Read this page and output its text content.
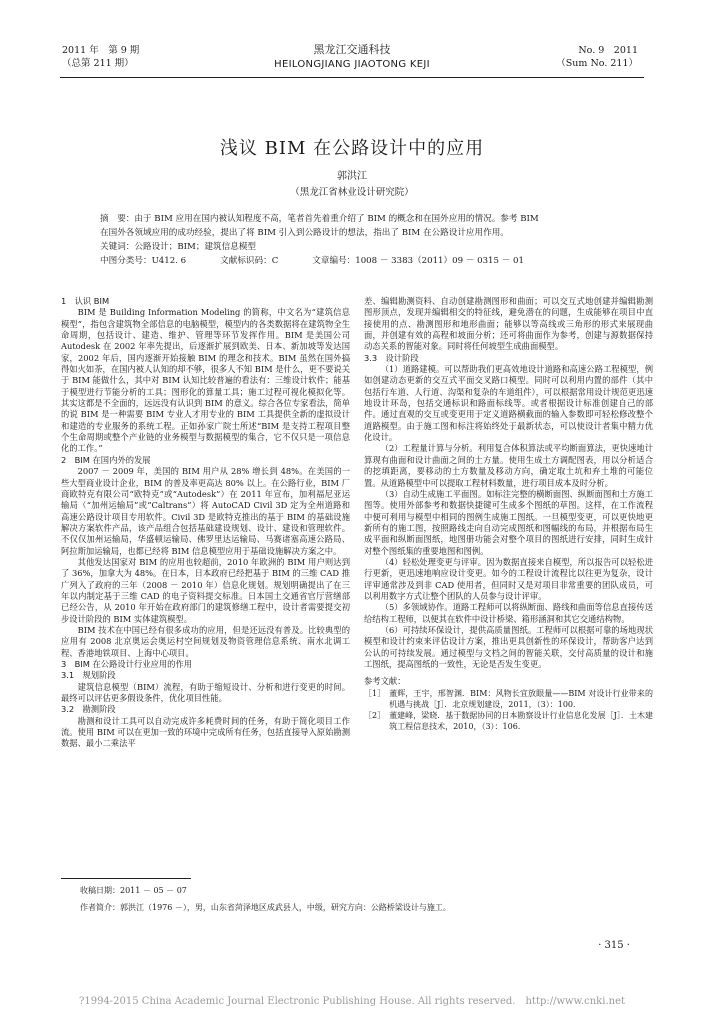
2011 年　第 9 期
（总第 211 期）
黑龙江交通科技
HEILONGJIANG JIAOTONG KEJI
No. 9　2011
（Sum No. 211）
浅议 BIM 在公路设计中的应用
郭洪江
（黑龙江省林业设计研究院）
摘　要：由于 BIM 应用在国内被认知程度不高，笔者首先着重介绍了 BIM 的概念和在国外应用的情况。参考 BIM
在国外各领域应用的成功经验，提出了将 BIM 引入到公路设计的想法，指出了 BIM 在公路设计应用作用。
关键词：公路设计；BIM；建筑信息模型
中图分类号：U412. 6	文献标识码：C	文章编号：1008 － 3383（2011）09 － 0315 － 01

1　认识 BIM

BIM 是 Building Information Modeling 的简称，中文名为“建筑信息模型”，指包含建筑物全部信息的电脑模型，模型内的各类数据将在建筑物全生命周期，包括设计、建造、维护、管理等环节发挥作用。BIM 是美国公司 Autodesk 在 2002 年率先提出，后逐渐扩展到欧美、日本、新加坡等发达国家，2002 年后，国内逐渐开始接触 BIM 的理念和技术。BIM 虽然在国外搞得如火如荼，在国内被人认知的却不够，很多人不知 BIM 是什么，更不要说关于 BIM 能做什么，其中对 BIM 认知比较普遍的看法有：三维设计软件；能基于模型进行节能分析的工具；图形化的算量工具；施工过程可视化模拟化等。其实这都是不全面的，远远没有认识到 BIM 的意义。综合各位专家看法，简单的说 BIM 是一种需要 BIM 专业人才用专业的 BIM 工具提供全新的虚拟设计和建造的专业服务的系统工程。正如孙家广院士所述“BIM 是支持工程项目整个生命周期或整个产业链的业务模型与数据模型的集合，它不仅只是一项信息化的工作。”

2　BIM 在国内外的发展

2007 － 2009 年，美国的 BIM 用户从 28% 增长到 48%。在美国的一些大型商业设计企业，BIM 的普及率更高达 80% 以上。在公路行业，BIM 厂商欧特克有限公司“欧特克”或“Autodesk”）在 2011 年宣布，加利福尼亚运输局（“加州运输局”或“Caltrans”）将 AutoCAD Civil 3D 定为全州道路和高速公路设计项目专用软件。Civil 3D 是欧特克推出的基于 BIM 的基础设施解决方案软件产品，该产品组合包括基础建设规划、设计、建设和管理软件。不仅仅加州运输局，华盛顿运输局、佛罗里达运输局、马赛诸塞高速公路局、阿拉斯加运输局，也都已经将 BIM 信息模型应用于基础设施解决方案之中。

其他发达国家对 BIM 的应用也较超前，2010 年欧洲的 BIM 用户则达到了 36%，加拿大为 48%。在日本，日本政府已经把基于 BIM 的三维 CAD 推广列入了政府的三年（2008 － 2010 年）信息化规划。规划明确提出了在三年以内制定基于三维 CAD 的电子资料提交标准。日本国土交通省官厅营缮部已经公告，从 2010 年开始在政府部门的建筑修缮工程中，设计者需要提交初步设计阶段的 BIM 实体建筑模型。

BIM 技术在中国已经有很多成功的应用，但是还远没有普及。比较典型的应用有 2008 北京奥运会奥运村空间规划及物资管理信息系统、南水北调工程、香港地铁项目、上海中心项目。

3　BIM 在公路设计行业应用的作用

3.1　规划阶段

建筑信息模型（BIM）流程，有助于缩短设计、分析和进行变更的时间。最终可以评估更多假设条件，优化项目性能。

3.2　勘测阶段

勘测和设计工具可以自动完成许多耗费时间的任务，有助于简化项目工作流。使用 BIM 可以在更加一致的环境中完成所有任务，包括直接导入原始勘测数据、最小二乘法平

差、编辑勘测资料、自动创建勘测图形和曲面；可以交互式地创建并编辑勘测图形顶点，发现并编辑相交的特征线，避免潜在的问题，生成能够在项目中直接使用的点、勘测图形和地形曲面；能够以等高线或三角形的形式来展现曲面，并创建有效的高程和坡面分析；还可将曲面作为参考，创建与源数据保持动态关系的智能对象。同时将任何坡型生成曲面模型。

3.3　设计阶段

（1）道路建模。可以帮助我们更高效地设计道路和高速公路工程模型，例如创建动态更新的交互式平面交叉路口模型。同时可以利用内置的部件（其中包括行车道、人行道、沟渠和复杂的车道组件），可以根据常用设计规范更迅速地设计环岛，包括交通标识和路面标线等。或者根据设计标准创建自己的部件。通过直观的交互或变更用于定义道路横截面的输入参数即可轻松修改整个道路模型。由于施工图和标注将始终处于最新状态，可以使设计者集中精力优化设计。

（2）工程量计算与分析。利用复合体积算法或平均断面算法，更快速地计算现有曲面和设计曲面之间的土方量。使用生成土方调配图表，用以分析适合的挖填距离，要移动的土方数量及移动方向，确定取土坑和弃土堆的可能位置。从道路模型中可以提取工程材料数量，进行项目成本及时分析。

（3）自动生成施工平面图。如标注完整的横断面图、纵断面图和土方施工图等。使用外部参考和数据快捷键可生成多个图纸的草图。这样，在工作流程中便可利用与模型中相同的图例生成施工图纸。一旦模型变更，可以更快地更新所有的施工图，按照路线走向自动完成图纸和图幅线的布局，并根据布局生成平面和纵断面图纸，地图册功能会对整个项目的图纸进行安排，同时生成针对整个图纸集的重要地图和图例。

（4）轻松处理变更与评审。因为数据直接来自模型，所以报告可以轻松进行更新，更迅速地响应设计变更。如今的工程设计流程比以往更为复杂，设计评审通常涉及到非 CAD 使用者，但同时又是对项目非常重要的团队成员，可以利用数字方式让整个团队的人员参与设计评审。

（5）多领域协作。道路工程师可以将纵断面、路线和曲面等信息直接传送给结构工程师，以便其在软件中设计桥梁、箱形涵洞和其它交通结构物。

（6）可持续环保设计，提供高质量图纸。工程师可以根据可靠的场地现状模型和设计约束来评估设计方案，推出更具创新性的环保设计，帮助客户达到公认的可持续发展。通过模型与文档之间的智能关联，交付高质量的设计和施工图纸，提高图纸的一致性，无论是否发生变更。

参考文献：

［1］ 董辉，王宇，邢智渊．BIM：风物长宜放眼量——BIM 对设计行业带来的机遇与挑战［J］．北京规划建设，2011，（3）：100.
［2］ 董建峰，梁晓．基于数据协同的日本勘察设计行业信息化发展［J］．土木建筑工程信息技术，2010，（3）：106.
收稿日期：2011 － 05 － 07
作者简介：郭洪江（1976 －），男，山东省菏泽地区成武县人，中级，研究方向：公路桥梁设计与施工。
· 315 ·
?1994-2015 China Academic Journal Electronic Publishing House. All rights reserved.　http://www.cnki.net
